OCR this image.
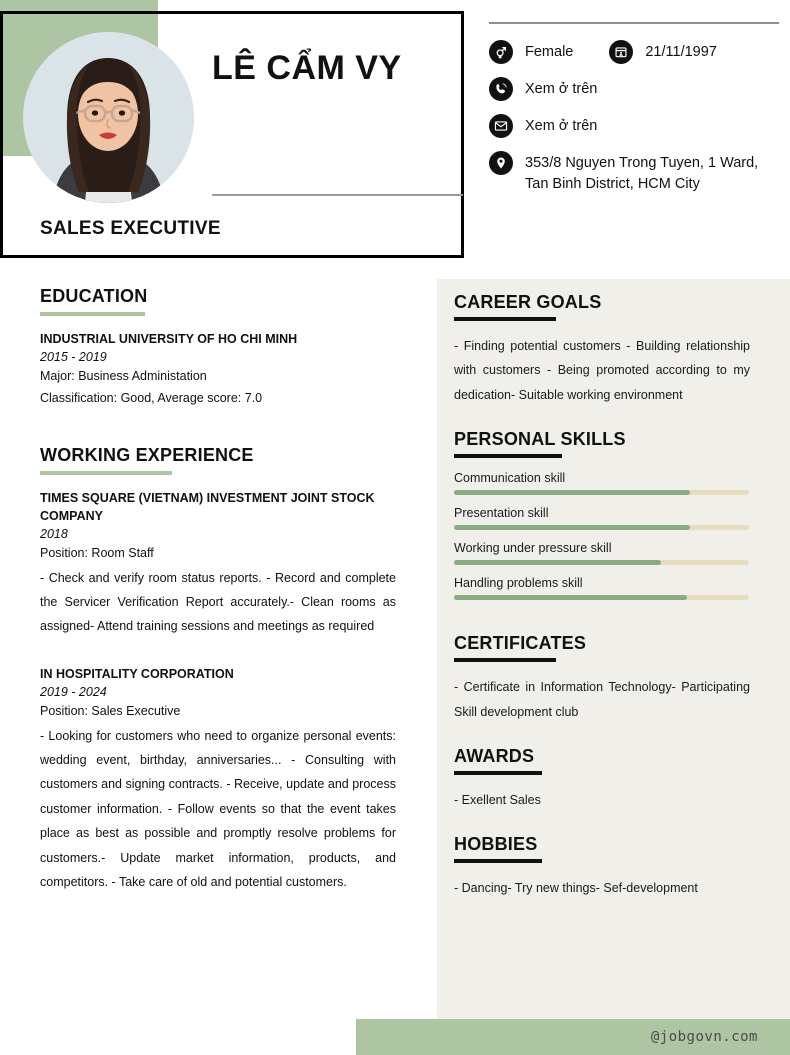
LÊ CẨM VY
SALES EXECUTIVE
Female	21/11/1997
Xem ở trên
Xem ở trên
353/8 Nguyen Trong Tuyen, 1 Ward, Tan Binh District, HCM City
EDUCATION
INDUSTRIAL UNIVERSITY OF HO CHI MINH
2015 - 2019
Major: Business Administation
Classification: Good, Average score: 7.0
WORKING EXPERIENCE
TIMES SQUARE (VIETNAM) INVESTMENT JOINT STOCK COMPANY
2018
Position: Room Staff
- Check and verify room status reports. - Record and complete the Servicer Verification Report accurately.- Clean rooms as assigned- Attend training sessions and meetings as required
IN HOSPITALITY CORPORATION
2019 - 2024
Position: Sales Executive
- Looking for customers who need to organize personal events: wedding event, birthday, anniversaries... - Consulting with customers and signing contracts. - Receive, update and process customer information. - Follow events so that the event takes place as best as possible and promptly resolve problems for customers.- Update market information, products, and competitors. - Take care of old and potential customers.
CAREER GOALS
- Finding potential customers - Building relationship with customers - Being promoted according to my dedication- Suitable working environment
PERSONAL SKILLS
Communication skill
Presentation skill
Working under pressure skill
Handling problems skill
CERTIFICATES
- Certificate in Information Technology- Participating Skill development club
AWARDS
- Exellent Sales
HOBBIES
- Dancing- Try new things- Sef-development
@jobgovn.com
